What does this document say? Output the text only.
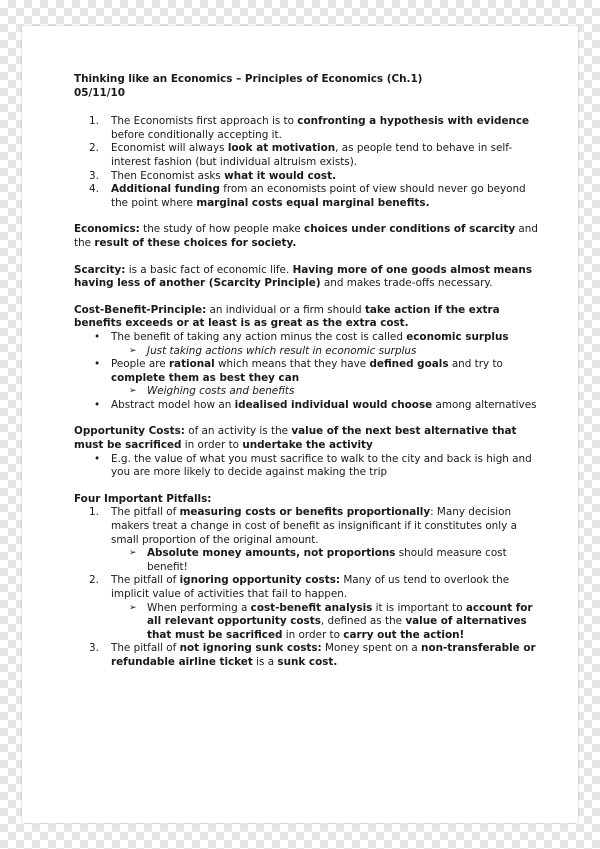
Thinking like an Economics – Principles of Economics (Ch.1)

05/11/10

1.	The Economists first approach is to confronting a hypothesis with evidence before conditionally accepting it.

2.	Economist will always look at motivation, as people tend to behave in self-interest fashion (but individual altruism exists).

3.	Then Economist asks what it would cost.

4.	Additional funding from an economists point of view should never go beyond the point where marginal costs equal marginal benefits.

Economics: the study of how people make choices under conditions of scarcity and the result of these choices for society.

Scarcity: is a basic fact of economic life. Having more of one goods almost means having less of another (Scarcity Principle) and makes trade-offs necessary.

Cost-Benefit-Principle: an individual or a firm should take action if the extra benefits exceeds or at least is as great as the extra cost.

•	The benefit of taking any action minus the cost is called economic surplus

➢	Just taking actions which result in economic surplus

•	People are rational which means that they have defined goals and try to complete them as best they can

➢	Weighing costs and benefits

•	Abstract model how an idealised individual would choose among alternatives

Opportunity Costs: of an activity is the value of the next best alternative that must be sacrificed in order to undertake the activity

•	E.g. the value of what you must sacrifice to walk to the city and back is high and you are more likely to decide against making the trip

Four Important Pitfalls:

1.	The pitfall of measuring costs or benefits proportionally: Many decision makers treat a change in cost of benefit as insignificant if it constitutes only a small proportion of the original amount.

➢	Absolute money amounts, not proportions should measure cost benefit!

2.	The pitfall of ignoring opportunity costs: Many of us tend to overlook the implicit value of activities that fail to happen.

➢	When performing a cost-benefit analysis it is important to account for all relevant opportunity costs, defined as the value of alternatives that must be sacrificed in order to carry out the action!

3.	The pitfall of not ignoring sunk costs: Money spent on a non-transferable or refundable airline ticket is a sunk cost.
